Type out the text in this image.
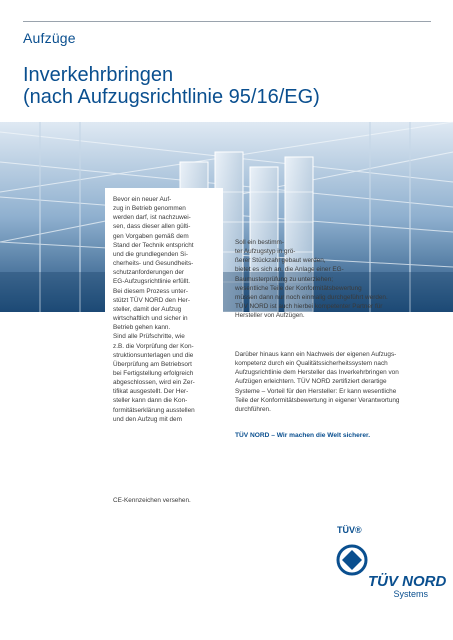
Aufzüge
Inverkehrbringen
(nach Aufzugsrichtlinie 95/16/EG)
Bevor ein neuer Auf-
zug in Betrieb genommen
werden darf, ist nachzuwei-
sen, dass dieser allen gülti-
gen Vorgaben gemäß dem
Stand der Technik entspricht
und die grundlegenden Si-
cherheits- und Gesundheits-
schutzanforderungen der
EG-Aufzugsrichtlinie erfüllt.
Bei diesem Prozess unter-
stützt TÜV NORD den Her-
steller, damit der Aufzug
wirtschaftlich und sicher in
Betrieb gehen kann.
Sind alle Prüfschritte, wie
z.B. die Vorprüfung der Kon-
struktionsunterlagen und die
Überprüfung am Betriebsort
bei Fertigstellung erfolgreich
abgeschlossen, wird ein Zer-
tifikat ausgestellt. Der Her-
steller kann dann die Kon-
formitätserklärung ausstellen
und den Aufzug mit dem
CE-Kennzeichen versehen.
Soll ein bestimm-
ter Aufzugstyp in grö-
ßerer Stückzahl gebaut werden,
bietet es sich an, die Anlage einer EG-
Baumusterprüfung zu unterziehen;
wesentliche Teile der Konformitätsbewertung
müssen dann nur noch einmalig durchgeführt werden.
TÜV NORD ist auch hierbei kompetenter Partner für
Hersteller von Aufzügen.
Darüber hinaus kann ein Nachweis der eigenen Aufzugs-
kompetenz durch ein Qualitätssicherheitssystem nach
Aufzugsrichtlinie dem Hersteller das Inverkehrbringen von
Aufzügen erleichtern. TÜV NORD zertifiziert derartige
Systeme – Vorteil für den Hersteller: Er kann wesentliche
Teile der Konformitätsbewertung in eigener Verantwortung
durchführen.
TÜV NORD – Wir machen die Welt sicherer.
TÜV®
TÜV NORD
Systems
